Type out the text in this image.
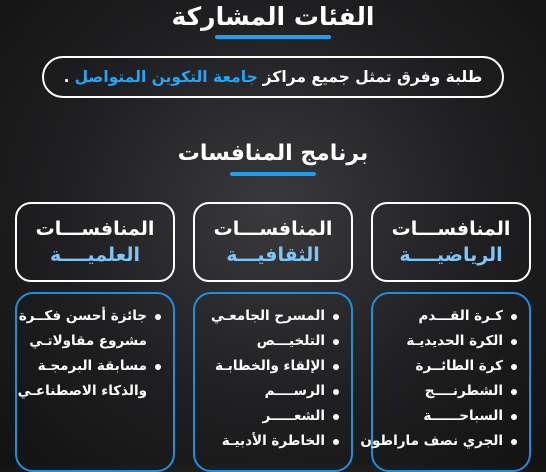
الفئات المشاركة
طلبة وفرق تمثل جميع مراكز
جامعة التكوين المتواصل
.
برنامج المنافسات
المنافســـات
الرياضيــــة
المنافســـات
الثقافيـــة
المنافســـات
العلميــــة
كـرة القـــدم
الكرة الحديديـة
كرة الطائــرة
الشطرنــــج
السباحــــــة
الجري نصف ماراطون
المسرح الجامعـي
التلخيـــص
الإلقاء والخطابـة
الرســــم
الشعـــــر
الخاطرة الأدبيـة
جائزة أحسن فكــرة
مشروع مقاولاتـي
مسابقة البرمجـة
والذكاء الاصطناعـي
